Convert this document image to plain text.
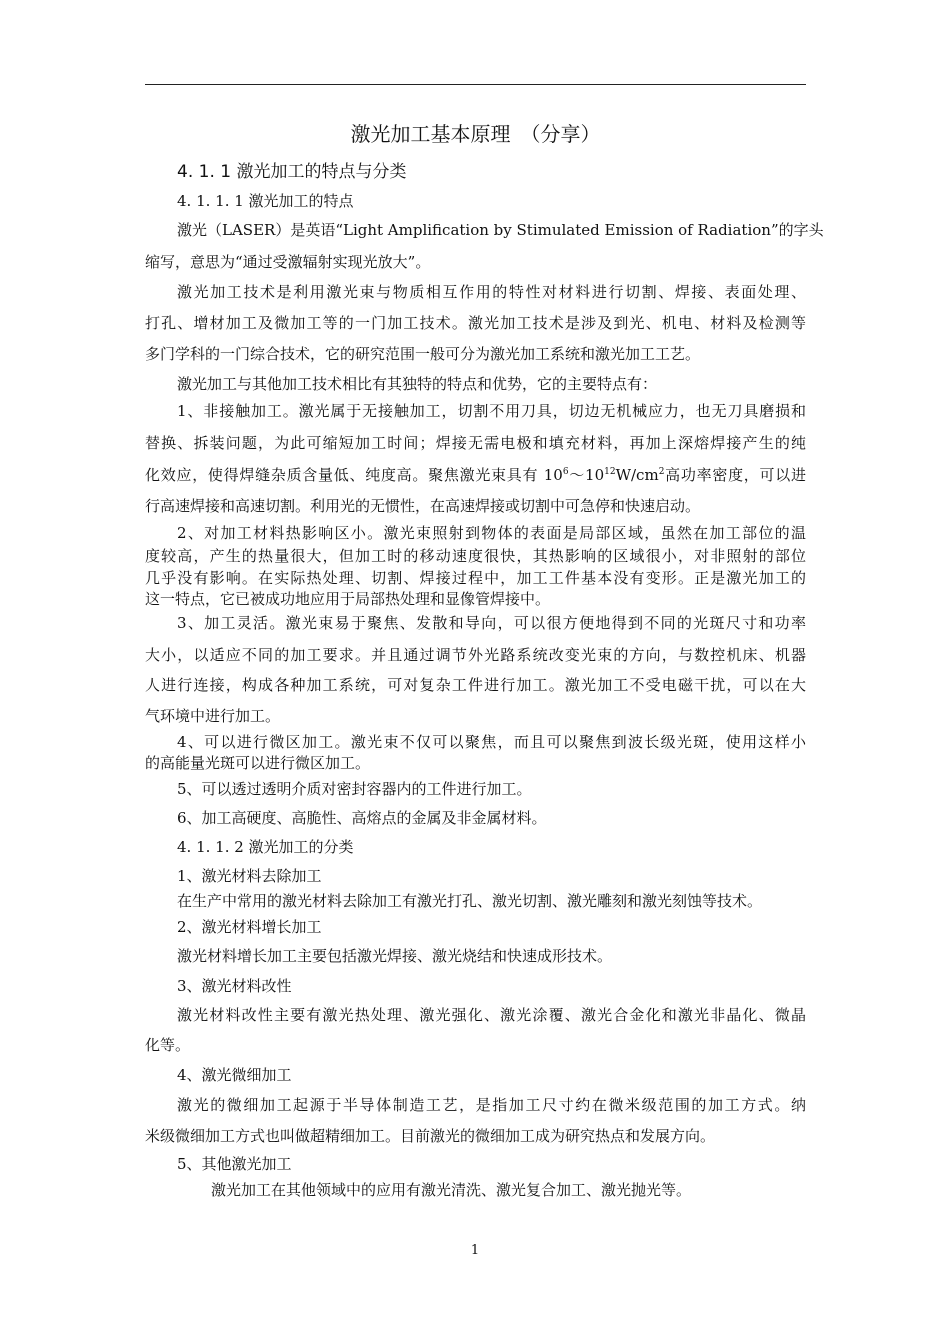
激光加工基本原理　（分享）
4. 1. 1 激光加工的特点与分类
4. 1. 1. 1 激光加工的特点
激光（LASER）是英语“Light Amplification by Stimulated Emission of Radiation”的字头
缩写，意思为“通过受激辐射实现光放大”。
激光加工技术是利用激光束与物质相互作用的特性对材料进行切割、焊接、表面处理、
打孔、增材加工及微加工等的一门加工技术。激光加工技术是涉及到光、机电、材料及检测等
多门学科的一门综合技术，它的研究范围一般可分为激光加工系统和激光加工工艺。
激光加工与其他加工技术相比有其独特的特点和优势，它的主要特点有：
1、非接触加工。激光属于无接触加工，切割不用刀具，切边无机械应力，也无刀具磨损和
替换、拆装问题，为此可缩短加工时间；焊接无需电极和填充材料，再加上深熔焊接产生的纯
化效应，使得焊缝杂质含量低、纯度高。聚焦激光束具有 $10^6\sim 10^{12}W/cm^2$高功率密度，可以进
行高速焊接和高速切割。利用光的无惯性，在高速焊接或切割中可急停和快速启动。
2、对加工材料热影响区小。激光束照射到物体的表面是局部区域，虽然在加工部位的温
度较高，产生的热量很大，但加工时的移动速度很快，其热影响的区域很小，对非照射的部位
几乎没有影响。在实际热处理、切割、焊接过程中，加工工件基本没有变形。正是激光加工的
这一特点，它已被成功地应用于局部热处理和显像管焊接中。
3、加工灵活。激光束易于聚焦、发散和导向，可以很方便地得到不同的光斑尺寸和功率
大小，以适应不同的加工要求。并且通过调节外光路系统改变光束的方向，与数控机床、机器
人进行连接，构成各种加工系统，可对复杂工件进行加工。激光加工不受电磁干扰，可以在大
气环境中进行加工。
4、可以进行微区加工。激光束不仅可以聚焦，而且可以聚焦到波长级光斑，使用这样小
的高能量光斑可以进行微区加工。
5、可以透过透明介质对密封容器内的工件进行加工。
6、加工高硬度、高脆性、高熔点的金属及非金属材料。
4. 1. 1. 2 激光加工的分类
1、激光材料去除加工
在生产中常用的激光材料去除加工有激光打孔、激光切割、激光雕刻和激光刻蚀等技术。
2、激光材料增长加工
激光材料增长加工主要包括激光焊接、激光烧结和快速成形技术。
3、激光材料改性
激光材料改性主要有激光热处理、激光强化、激光涂覆、激光合金化和激光非晶化、微晶
化等。
4、激光微细加工
激光的微细加工起源于半导体制造工艺，是指加工尺寸约在微米级范围的加工方式。纳
米级微细加工方式也叫做超精细加工。目前激光的微细加工成为研究热点和发展方向。
5、其他激光加工
激光加工在其他领域中的应用有激光清洗、激光复合加工、激光抛光等。
1
